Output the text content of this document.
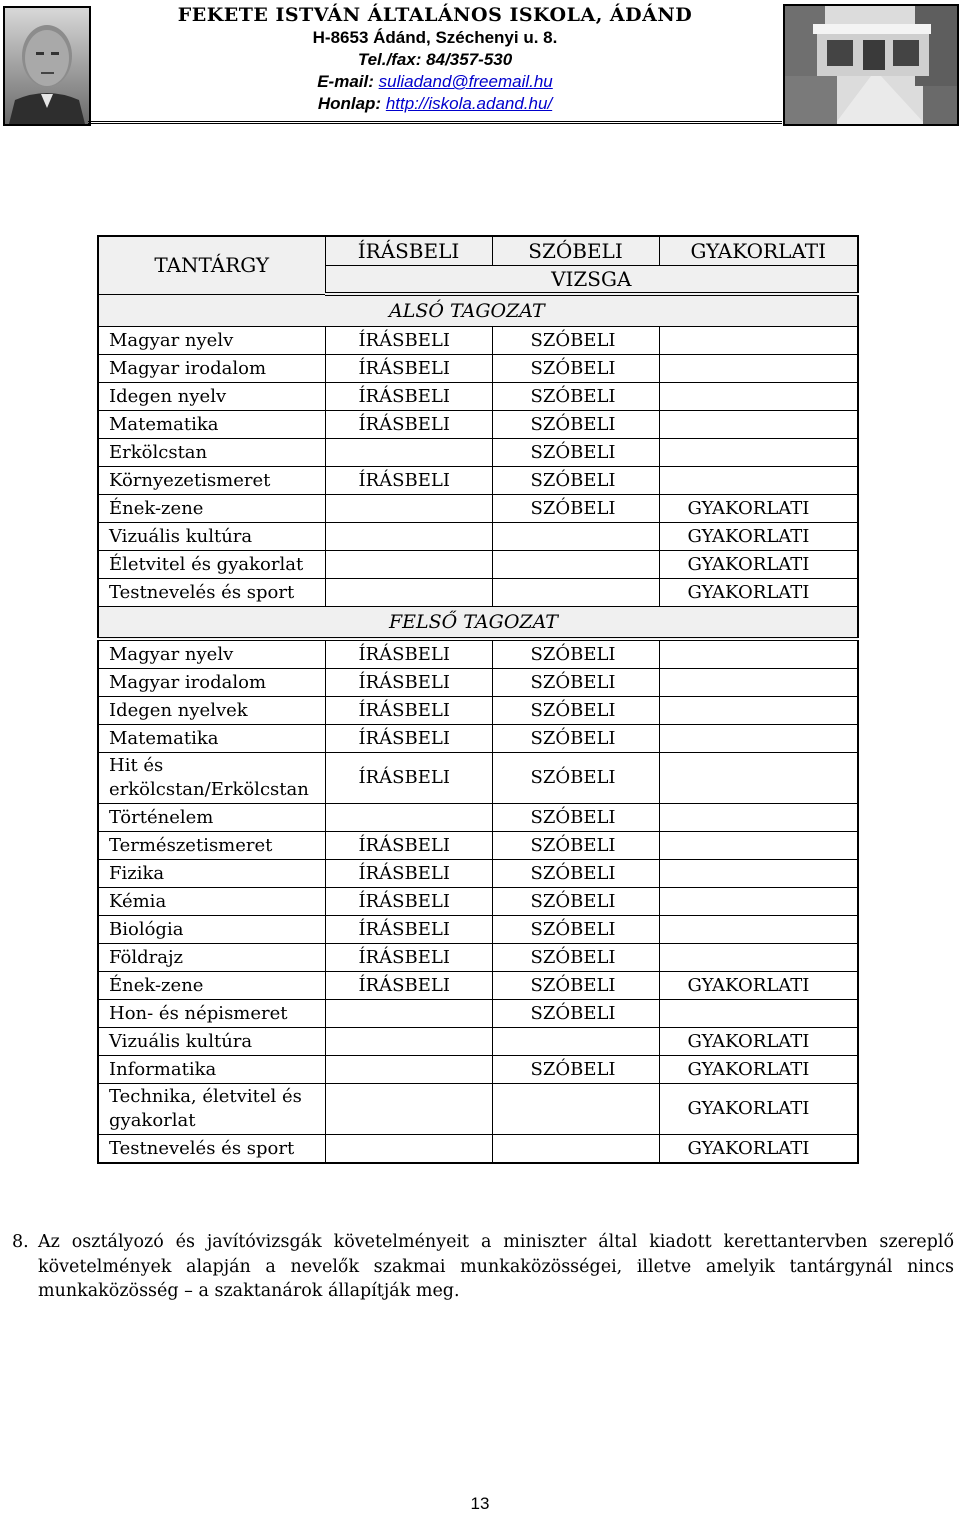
FEKETE ISTVÁN ÁLTALÁNOS ISKOLA, ÁDÁND
H-8653 Ádánd, Széchenyi u. 8.
Tel./fax: 84/357-530
E-mail: suliadand@freemail.hu
Honlap: http://iskola.adand.hu/
TANTÁRGY	ÍRÁSBELI	SZÓBELI	GYAKORLATI
	VIZSGA		
ALSÓ TAGOZAT			
Magyar nyelv	ÍRÁSBELI	SZÓBELI	
Magyar irodalom	ÍRÁSBELI	SZÓBELI	
Idegen nyelv	ÍRÁSBELI	SZÓBELI	
Matematika	ÍRÁSBELI	SZÓBELI	
Erkölcstan		SZÓBELI	
Környezetismeret	ÍRÁSBELI	SZÓBELI	
Ének-zene		SZÓBELI	GYAKORLATI
Vizuális kultúra			GYAKORLATI
Életvitel és gyakorlat			GYAKORLATI
Testnevelés és sport			GYAKORLATI
FELSŐ TAGOZAT			
Magyar nyelv	ÍRÁSBELI	SZÓBELI	
Magyar irodalom	ÍRÁSBELI	SZÓBELI	
Idegen nyelvek	ÍRÁSBELI	SZÓBELI	
Matematika	ÍRÁSBELI	SZÓBELI	
Hit és erkölcstan/Erkölcstan	ÍRÁSBELI	SZÓBELI	
Történelem		SZÓBELI	
Természetismeret	ÍRÁSBELI	SZÓBELI	
Fizika	ÍRÁSBELI	SZÓBELI	
Kémia	ÍRÁSBELI	SZÓBELI	
Biológia	ÍRÁSBELI	SZÓBELI	
Földrajz	ÍRÁSBELI	SZÓBELI	
Ének-zene	ÍRÁSBELI	SZÓBELI	GYAKORLATI
Hon- és népismeret		SZÓBELI	
Vizuális kultúra			GYAKORLATI
Informatika		SZÓBELI	GYAKORLATI
Technika, életvitel és gyakorlat			GYAKORLATI
Testnevelés és sport			GYAKORLATI
8. Az osztályozó és javítóvizsgák követelményeit a miniszter által kiadott kerettantervben szereplő követelmények alapján a nevelők szakmai munkaközösségei, illetve amelyik tantárgynál nincs munkaközösség – a szaktanárok állapítják meg.
13
